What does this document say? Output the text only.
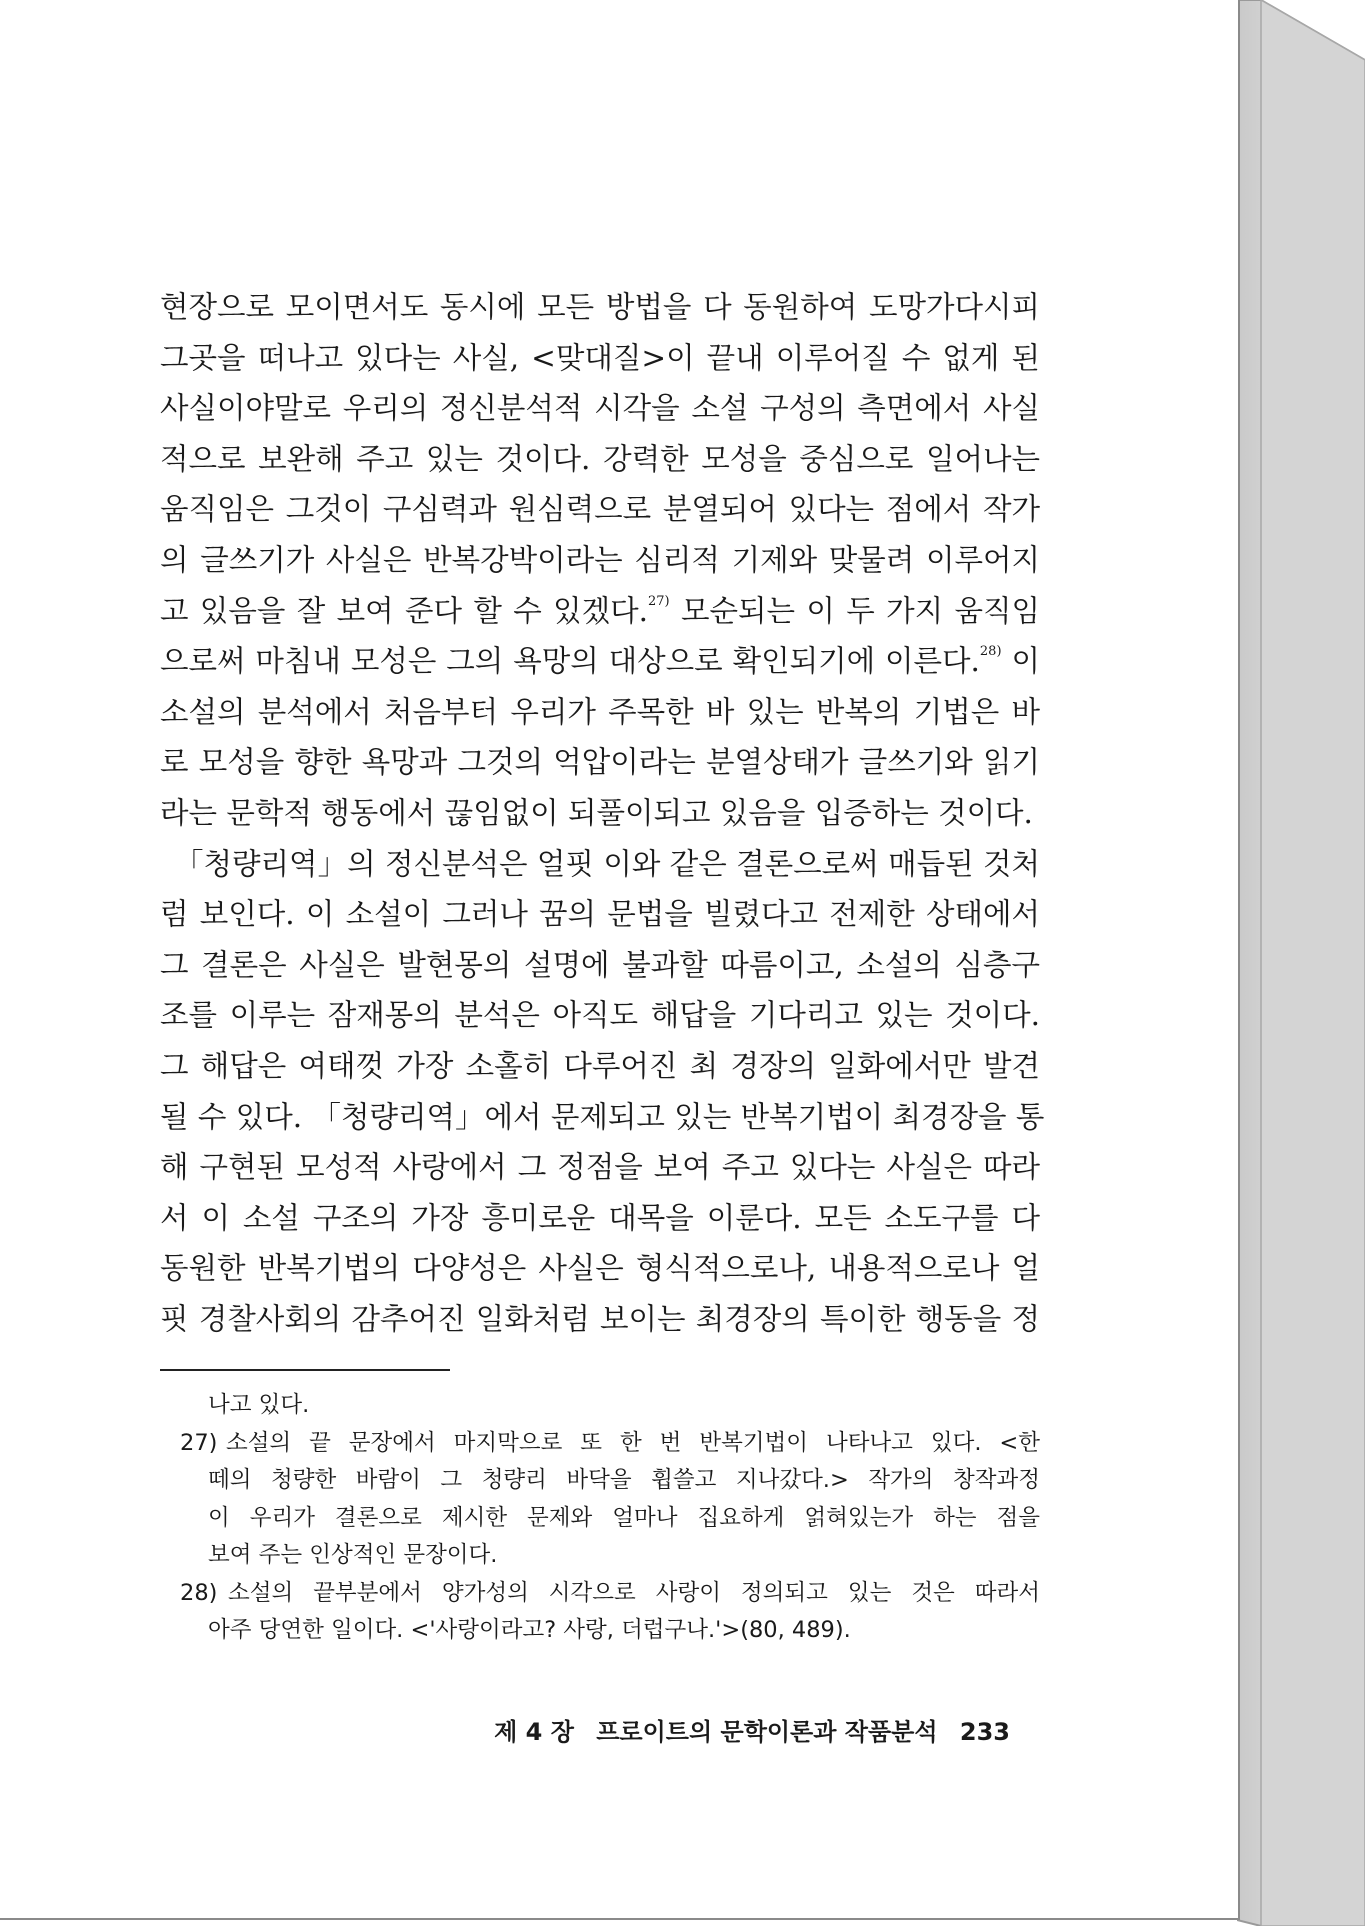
현장으로 모이면서도 동시에 모든 방법을 다 동원하여 도망가다시피
그곳을 떠나고 있다는 사실, <맞대질>이 끝내 이루어질 수 없게 된
사실이야말로 우리의 정신분석적 시각을 소설 구성의 측면에서 사실
적으로 보완해 주고 있는 것이다. 강력한 모성을 중심으로 일어나는
움직임은 그것이 구심력과 원심력으로 분열되어 있다는 점에서 작가
의 글쓰기가 사실은 반복강박이라는 심리적 기제와 맞물려 이루어지
고 있음을 잘 보여 준다 할 수 있겠다.$^{27)}$ 모순되는 이 두 가지 움직임
으로써 마침내 모성은 그의 욕망의 대상으로 확인되기에 이른다.$^{28)}$ 이
소설의 분석에서 처음부터 우리가 주목한 바 있는 반복의 기법은 바
로 모성을 향한 욕망과 그것의 억압이라는 분열상태가 글쓰기와 읽기
라는 문학적 행동에서 끊임없이 되풀이되고 있음을 입증하는 것이다.
「청량리역」의 정신분석은 얼핏 이와 같은 결론으로써 매듭된 것처
럼 보인다. 이 소설이 그러나 꿈의 문법을 빌렸다고 전제한 상태에서
그 결론은 사실은 발현몽의 설명에 불과할 따름이고, 소설의 심층구
조를 이루는 잠재몽의 분석은 아직도 해답을 기다리고 있는 것이다.
그 해답은 여태껏 가장 소홀히 다루어진 최 경장의 일화에서만 발견
될 수 있다. 「청량리역」에서 문제되고 있는 반복기법이 최경장을 통
해 구현된 모성적 사랑에서 그 정점을 보여 주고 있다는 사실은 따라
서 이 소설 구조의 가장 흥미로운 대목을 이룬다. 모든 소도구를 다
동원한 반복기법의 다양성은 사실은 형식적으로나, 내용적으로나 얼
핏 경찰사회의 감추어진 일화처럼 보이는 최경장의 특이한 행동을 정
나고 있다.
27) 소설의 끝 문장에서 마지막으로 또 한 번 반복기법이 나타나고 있다. <한
떼의 청량한 바람이 그 청량리 바닥을 휩쓸고 지나갔다.> 작가의 창작과정
이 우리가 결론으로 제시한 문제와 얼마나 집요하게 얽혀있는가 하는 점을
보여 주는 인상적인 문장이다.
28) 소설의 끝부분에서 양가성의 시각으로 사랑이 정의되고 있는 것은 따라서
아주 당연한 일이다. <'사랑이라고? 사랑, 더럽구나.'>(80, 489).
제 4 장 프로이트의 문학이론과 작품분석 233
